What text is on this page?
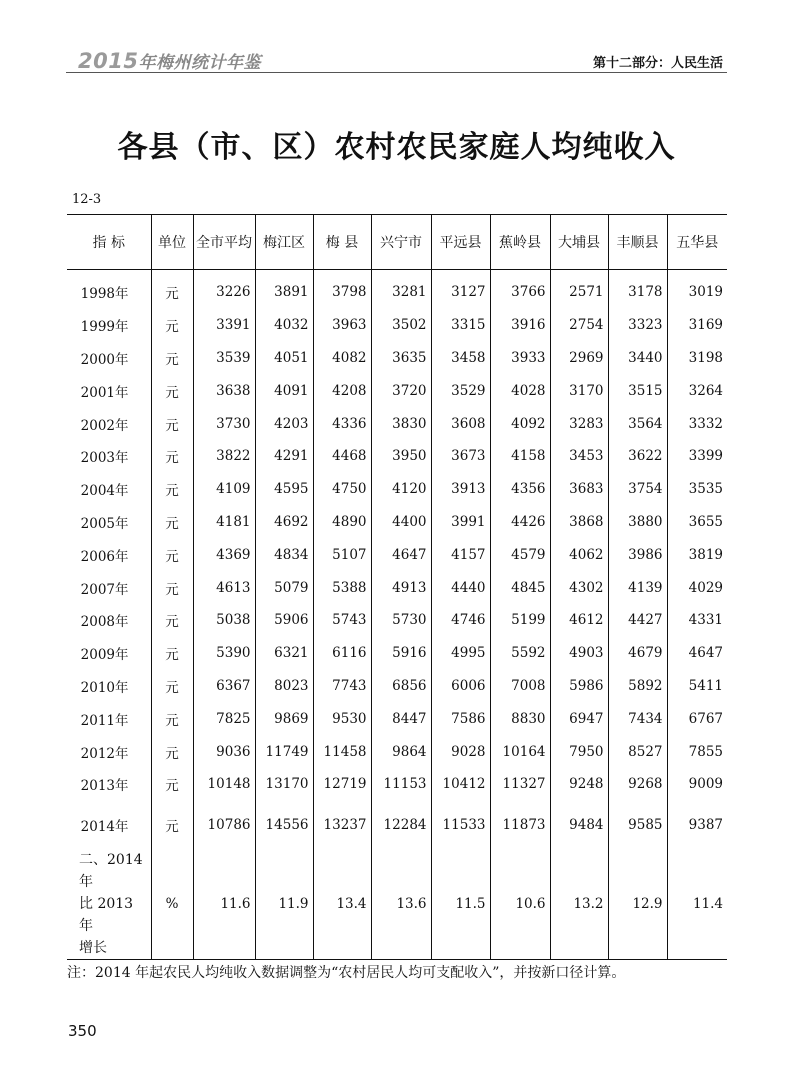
2015年梅州统计年鉴	第十二部分：人民生活
各县（市、区）农村农民家庭人均纯收入
12-3
指 标	单位	全市平均	梅江区	梅 县	兴宁市	平远县	蕉岭县	大埔县	丰顺县	五华县
1998年	元	3226	3891	3798	3281	3127	3766	2571	3178	3019
1999年	元	3391	4032	3963	3502	3315	3916	2754	3323	3169
2000年	元	3539	4051	4082	3635	3458	3933	2969	3440	3198
2001年	元	3638	4091	4208	3720	3529	4028	3170	3515	3264
2002年	元	3730	4203	4336	3830	3608	4092	3283	3564	3332
2003年	元	3822	4291	4468	3950	3673	4158	3453	3622	3399
2004年	元	4109	4595	4750	4120	3913	4356	3683	3754	3535
2005年	元	4181	4692	4890	4400	3991	4426	3868	3880	3655
2006年	元	4369	4834	5107	4647	4157	4579	4062	3986	3819
2007年	元	4613	5079	5388	4913	4440	4845	4302	4139	4029
2008年	元	5038	5906	5743	5730	4746	5199	4612	4427	4331
2009年	元	5390	6321	6116	5916	4995	5592	4903	4679	4647
2010年	元	6367	8023	7743	6856	6006	7008	5986	5892	5411
2011年	元	7825	9869	9530	8447	7586	8830	6947	7434	6767
2012年	元	9036	11749	11458	9864	9028	10164	7950	8527	7855
2013年	元	10148	13170	12719	11153	10412	11327	9248	9268	9009
2014年	元	10786	14556	13237	12284	11533	11873	9484	9585	9387
二、2014年
比 2013 年
增长	%	11.6	11.9	13.4	13.6	11.5	10.6	13.2	12.9	11.4
注：2014 年起农民人均纯收入数据调整为“农村居民人均可支配收入”，并按新口径计算。
350
